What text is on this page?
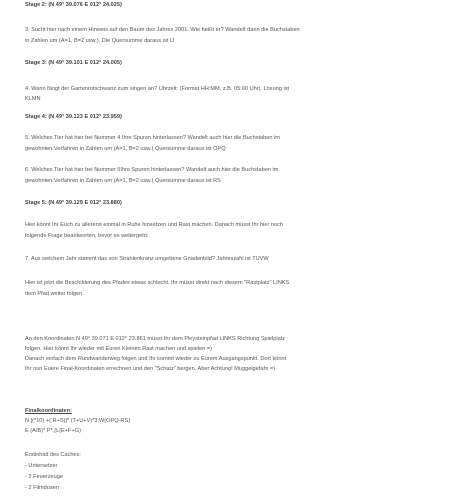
Stage 2: (N 49° 39.076 E 012° 24.025)

3. Sucht hier nach einem Hinweis auf den Baum des Jahres 2001. Wie heißt er? Wandelt dann die Buchstaben

in Zahlen um (A=1, B=2 usw.). Die Quersumme daraus ist IJ

Stage 3: (N 49° 39.101 E 012° 24.005)

4. Wann fängt der Gartenrotschwanz zum singen an? Uhrzeit: (Format HH:MM, z.B. 05:00 Uhr). Lösung ist

KLMN

Stage 4: (N 49° 39.123 E 012° 23.959)

5. Welches Tier hat hier bei Nummer 4 Ihre Spuren hinterlassen? Wandelt auch hier die Buchstaben im

gewohnten Verfahren in Zahlen um (A=1, B=2 usw.) Quersumme daraus ist OPQ

6. Welches Tier hat hier bei Nummer 5Ihre Spuren hinterlassen? Wandelt auch hier die Buchstaben im

gewohnten Verfahren in Zahlen um (A=1, B=2 usw.) Quersumme daraus ist RS

Stage 5: (N 49° 39.129 E 012° 23.880)

Hier könnt Ihr Euch zu allererst einmal in Ruhe hinsetzen und Rast machen. Danach müsst Ihr hier noch

folgende Frage beantworten, bevor es weitergeht:

7. Aus welchem Jahr stammt das von Strahlenkranz umgebene Gnadenbild? Jahreszahl ist TUVW

Hier ist jetzt die Beschilderung des Pfades etwas schlecht. Ihr müsst direkt nach diesem "Rastplatz" LINKS

dem Pfad weiter folgen.

An den Koordinaten N 49° 39.071 E 012° 23.861 müsst Ihr dem Pleysteinpfad LINKS Richtung Spielplatz

folgen. Hier könnt Ihr wieder mit Euren Kleinen Rast machen und spielen =)

Danach einfach dem Rundwanderweg folgen und Ihr kommt wieder zu Eurem Ausgangspunkt. Dort könnt

Ihr nun Euere Final-Koordinaten errechnen und den "Schatz" bergen. Aber Achtung! Muggelgefahr =)

Finalkoordinaten:

N [(*10) +( R+S)]* (T+U+V)*3;W(OPQ-RS)

E (A/B)* P*,(L(E+F+G)

Erstinhalt des Caches:

- Untersetzer

- 2 Feuerzeuge

- 2 Filmdosen
